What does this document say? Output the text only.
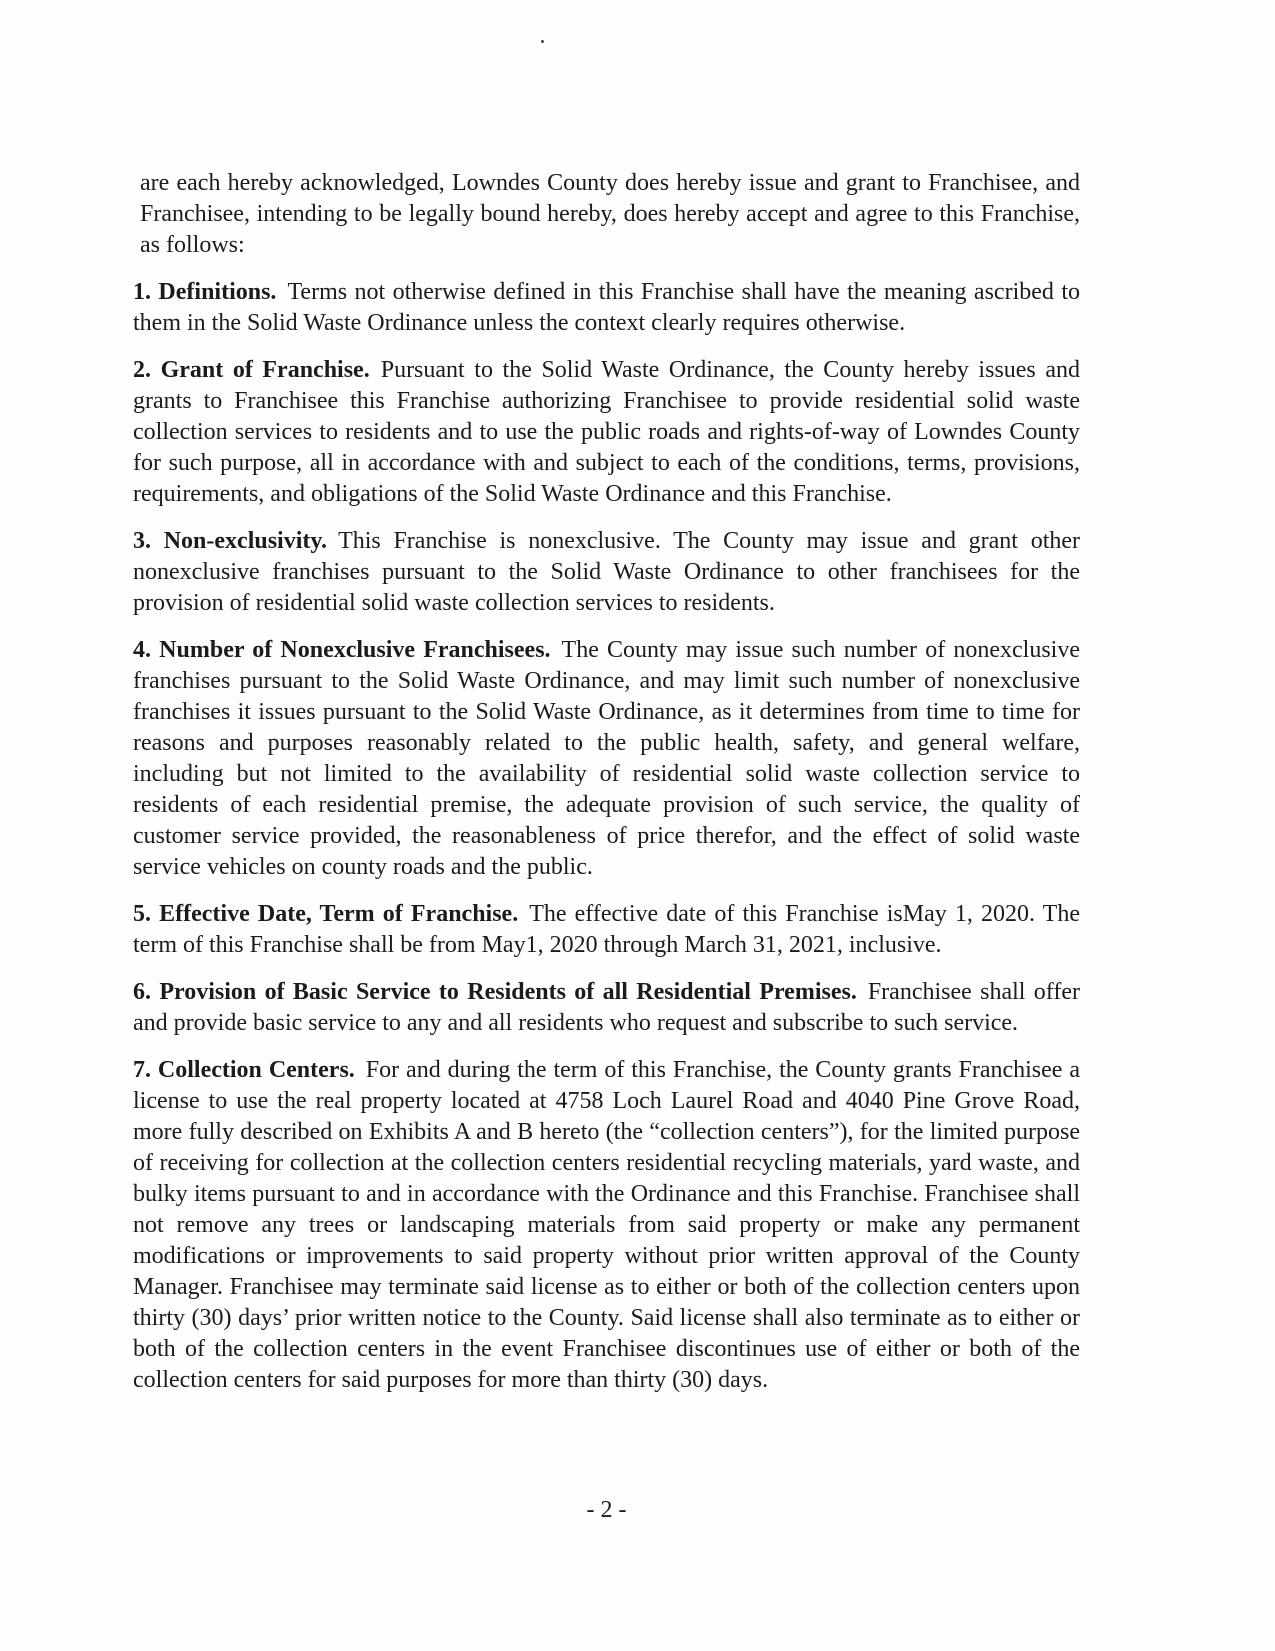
are each hereby acknowledged, Lowndes County does hereby issue and grant to Franchisee, and Franchisee, intending to be legally bound hereby, does hereby accept and agree to this Franchise, as follows:

1. Definitions. Terms not otherwise defined in this Franchise shall have the meaning ascribed to them in the Solid Waste Ordinance unless the context clearly requires otherwise.

2. Grant of Franchise. Pursuant to the Solid Waste Ordinance, the County hereby issues and grants to Franchisee this Franchise authorizing Franchisee to provide residential solid waste collection services to residents and to use the public roads and rights-of-way of Lowndes County for such purpose, all in accordance with and subject to each of the conditions, terms, provisions, requirements, and obligations of the Solid Waste Ordinance and this Franchise.

3. Non-exclusivity. This Franchise is nonexclusive. The County may issue and grant other nonexclusive franchises pursuant to the Solid Waste Ordinance to other franchisees for the provision of residential solid waste collection services to residents.

4. Number of Nonexclusive Franchisees. The County may issue such number of nonexclusive franchises pursuant to the Solid Waste Ordinance, and may limit such number of nonexclusive franchises it issues pursuant to the Solid Waste Ordinance, as it determines from time to time for reasons and purposes reasonably related to the public health, safety, and general welfare, including but not limited to the availability of residential solid waste collection service to residents of each residential premise, the adequate provision of such service, the quality of customer service provided, the reasonableness of price therefor, and the effect of solid waste service vehicles on county roads and the public.

5. Effective Date, Term of Franchise. The effective date of this Franchise isMay 1, 2020. The term of this Franchise shall be from May1, 2020 through March 31, 2021, inclusive.

6. Provision of Basic Service to Residents of all Residential Premises. Franchisee shall offer and provide basic service to any and all residents who request and subscribe to such service.

7. Collection Centers. For and during the term of this Franchise, the County grants Franchisee a license to use the real property located at 4758 Loch Laurel Road and 4040 Pine Grove Road, more fully described on Exhibits A and B hereto (the “collection centers”), for the limited purpose of receiving for collection at the collection centers residential recycling materials, yard waste, and bulky items pursuant to and in accordance with the Ordinance and this Franchise. Franchisee shall not remove any trees or landscaping materials from said property or make any permanent modifications or improvements to said property without prior written approval of the County Manager. Franchisee may terminate said license as to either or both of the collection centers upon thirty (30) days’ prior written notice to the County. Said license shall also terminate as to either or both of the collection centers in the event Franchisee discontinues use of either or both of the collection centers for said purposes for more than thirty (30) days.

- 2 -
